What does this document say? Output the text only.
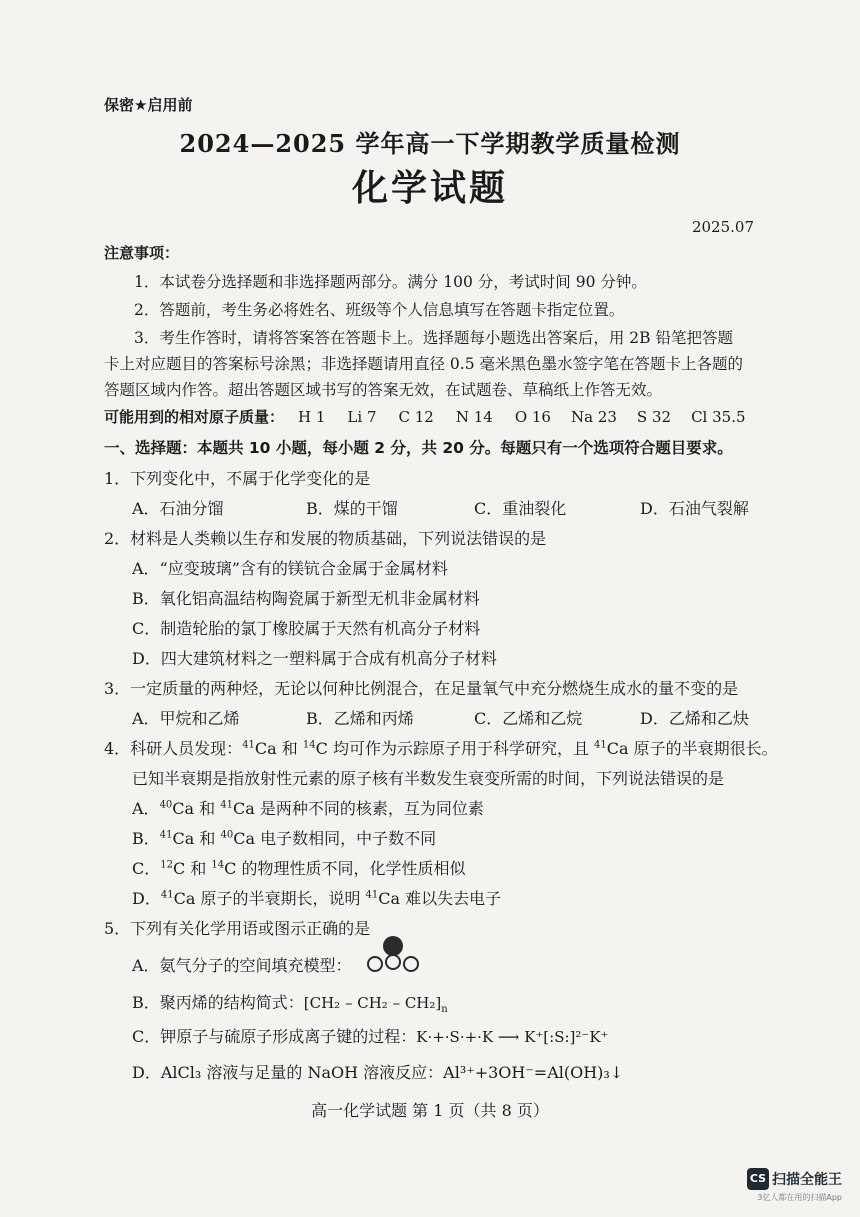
保密★启用前
2024—2025 学年高一下学期教学质量检测
化学试题
2025.07
注意事项：
1．本试卷分选择题和非选择题两部分。满分 100 分，考试时间 90 分钟。
2．答题前，考生务必将姓名、班级等个人信息填写在答题卡指定位置。
3．考生作答时，请将答案答在答题卡上。选择题每小题选出答案后，用 2B 铅笔把答题
卡上对应题目的答案标号涂黑；非选择题请用直径 0.5 毫米黑色墨水签字笔在答题卡上各题的
答题区域内作答。超出答题区域书写的答案无效，在试题卷、草稿纸上作答无效。
可能用到的相对原子质量： H 1 Li 7 C 12 N 14 O 16 Na 23 S 32 Cl 35.5
一、选择题：本题共 10 小题，每小题 2 分，共 20 分。每题只有一个选项符合题目要求。
1．下列变化中，不属于化学变化的是
A．石油分馏	B．煤的干馏	C．重油裂化	D．石油气裂解
2．材料是人类赖以生存和发展的物质基础，下列说法错误的是
A．“应变玻璃”含有的镁钪合金属于金属材料
B．氧化铝高温结构陶瓷属于新型无机非金属材料
C．制造轮胎的氯丁橡胶属于天然有机高分子材料
D．四大建筑材料之一塑料属于合成有机高分子材料
3．一定质量的两种烃，无论以何种比例混合，在足量氧气中充分燃烧生成水的量不变的是
A．甲烷和乙烯	B．乙烯和丙烯	C．乙烯和乙烷	D．乙烯和乙炔
4．科研人员发现：$^{41}$Ca 和 $^{14}$C 均可作为示踪原子用于科学研究，且 $^{41}$Ca 原子的半衰期很长。
已知半衰期是指放射性元素的原子核有半数发生衰变所需的时间，下列说法错误的是
A．$^{40}$Ca 和 $^{41}$Ca 是两种不同的核素，互为同位素
B．$^{41}$Ca 和 $^{40}$Ca 电子数相同，中子数不同
C．$^{12}$C 和 $^{14}$C 的物理性质不同，化学性质相似
D．$^{41}$Ca 原子的半衰期长，说明 $^{41}$Ca 难以失去电子
5．下列有关化学用语或图示正确的是
A．氨气分子的空间填充模型：
B．聚丙烯的结构简式：$[CH_2 - CH_2 - CH_2]_n$
C．钾原子与硫原子形成离子键的过程：K·+·S·+·K ⟶ K⁺[:S:]²⁻K⁺
D．AlCl₃ 溶液与足量的 NaOH 溶液反应：Al³⁺+3OH⁻=Al(OH)₃↓
高一化学试题 第 1 页（共 8 页）
CS 扫描全能王
3亿人都在用的扫描App
